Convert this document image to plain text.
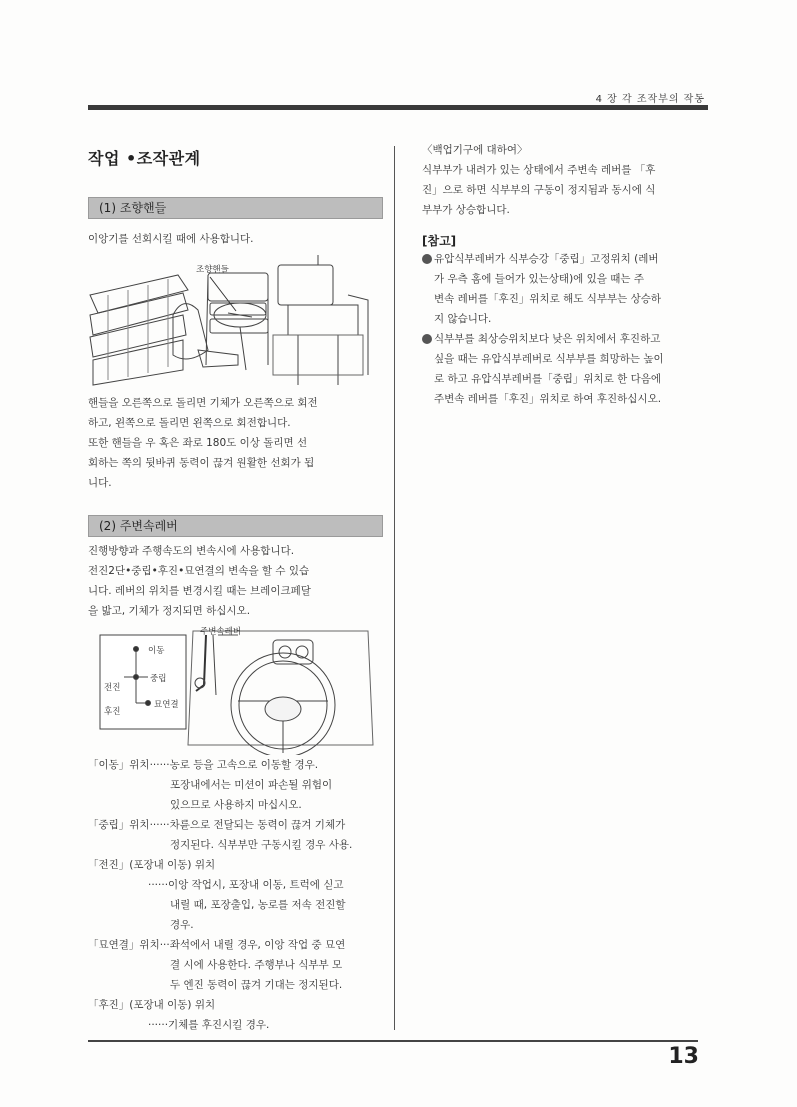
4 장 각 조작부의 작동
작업 •조작관계
(1) 조향핸들

이앙기를 선회시킬 때에 사용합니다.

조향핸들

핸들을 오른쪽으로 돌리면 기체가 오른쪽으로 회전

하고, 왼쪽으로 돌리면 왼쪽으로 회전합니다.

또한 핸들을 우 혹은 좌로 180도 이상 돌리면 선

회하는 쪽의 뒷바퀴 동력이 끊겨 원활한 선회가 됩

니다.

(2) 주변속레버

진행방향과 주행속도의 변속시에 사용합니다.

전진2단•중립•후진•묘연결의 변속을 할 수 있습

니다. 레버의 위치를 변경시킬 때는 브레이크페달

을 밟고, 기체가 정지되면 하십시오.

이동
중립
전진
묘연결
후진
주변속레버
「이동」위치······농로 등을 고속으로 이동할 경우.
포장내에서는 미션이 파손될 위험이
있으므로 사용하지 마십시오.
「중립」위치······차륜으로 전달되는 동력이 끊겨 기체가
정지된다. 식부부만 구동시킬 경우 사용.
「전진」(포장내 이동) 위치
······이앙 작업시, 포장내 이동, 트럭에 싣고
내릴 때, 포장출입, 농로를 저속 전진할
경우.
「묘연결」위치···좌석에서 내릴 경우, 이앙 작업 중 묘연
결 시에 사용한다. 주행부나 식부부 모
두 엔진 동력이 끊겨 기대는 정지된다.
「후진」(포장내 이동) 위치
······기체를 후진시킬 경우.

〈백업기구에 대하여〉

식부부가 내려가 있는 상태에서 주변속 레버를 「후

진」으로 하면 식부부의 구동이 정지됨과 동시에 식

부부가 상승합니다.

[참고]
유압식부레버가 식부승강「중립」고정위치 (레버
가 우측 홈에 들어가 있는상태)에 있을 때는 주
변속 레버를「후진」위치로 해도 식부부는 상승하
지 않습니다.
식부부를 최상승위치보다 낮은 위치에서 후진하고
싶을 때는 유압식부레버로 식부부를 희망하는 높이
로 하고 유압식부레버를「중립」위치로 한 다음에
주변속 레버를「후진」위치로 하여 후진하십시오.
13
